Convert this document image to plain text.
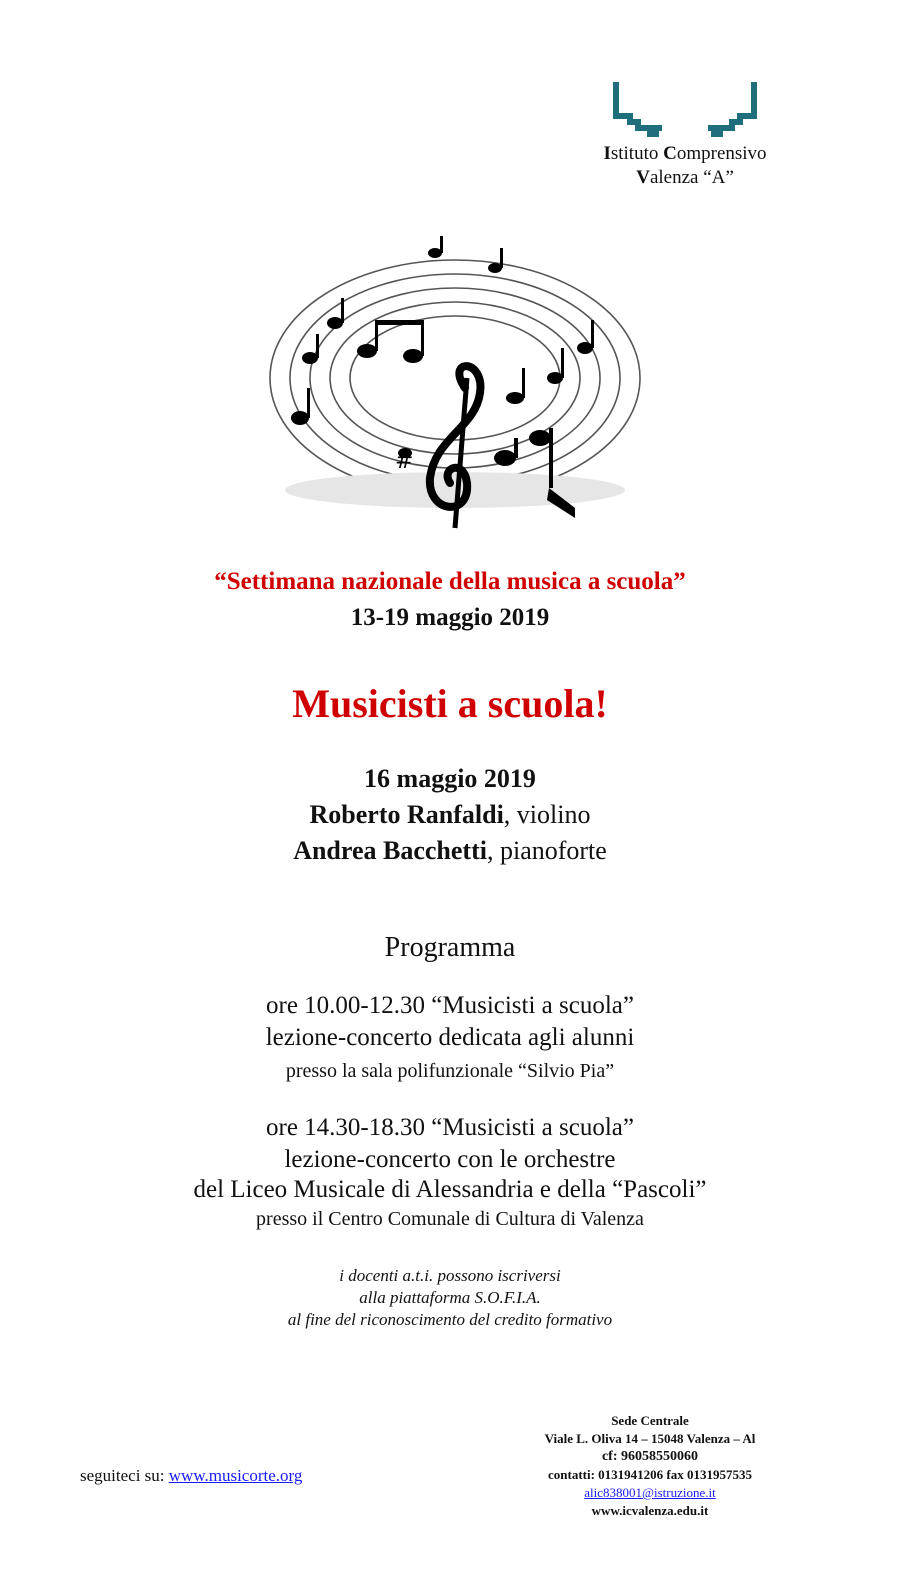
Istituto Comprensivo
Valenza “A”
#
“Settimana nazionale della musica a scuola”
13-19 maggio 2019
Musicisti a scuola!
16 maggio 2019
Roberto Ranfaldi, violino
Andrea Bacchetti, pianoforte
Programma
ore 10.00-12.30 “Musicisti a scuola”
lezione-concerto dedicata agli alunni
presso la sala polifunzionale “Silvio Pia”
ore 14.30-18.30 “Musicisti a scuola”
lezione-concerto con le orchestre
del Liceo Musicale di Alessandria e della “Pascoli”
presso il Centro Comunale di Cultura di Valenza
i docenti a.t.i. possono iscriversi
alla piattaforma S.O.F.I.A.
al fine del riconoscimento del credito formativo
seguiteci su: www.musicorte.org
Sede Centrale
Viale L. Oliva 14 – 15048 Valenza – Al
cf: 96058550060
contatti: 0131941206 fax 0131957535
alic838001@istruzione.it
www.icvalenza.edu.it
